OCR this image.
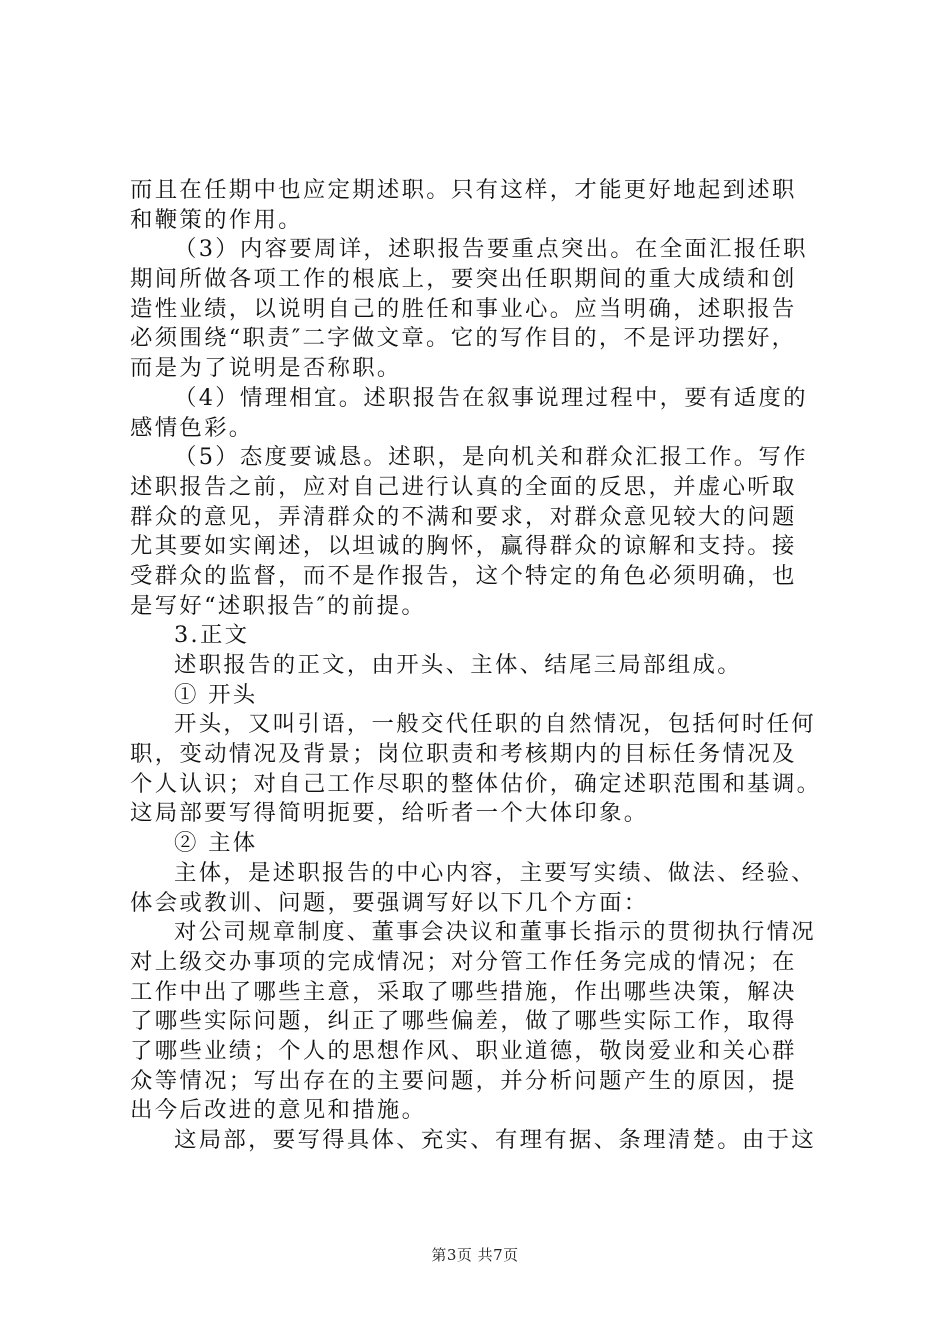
而且在任期中也应定期述职。只有这样，才能更好地起到述职

和鞭策的作用。

（3）内容要周详，述职报告要重点突出。在全面汇报任职

期间所做各项工作的根底上，要突出任职期间的重大成绩和创

造性业绩，以说明自己的胜任和事业心。应当明确，述职报告

必须围绕“职责″二字做文章。它的写作目的，不是评功摆好，

而是为了说明是否称职。

（4）情理相宜。述职报告在叙事说理过程中，要有适度的

感情色彩。

（5）态度要诚恳。述职，是向机关和群众汇报工作。写作

述职报告之前，应对自己进行认真的全面的反思，并虚心听取

群众的意见，弄清群众的不满和要求，对群众意见较大的问题

尤其要如实阐述，以坦诚的胸怀，赢得群众的谅解和支持。接

受群众的监督，而不是作报告，这个特定的角色必须明确，也

是写好“述职报告″的前提。

3.正文

述职报告的正文，由开头、主体、结尾三局部组成。

① 开头

开头，又叫引语，一般交代任职的自然情况，包括何时任何

职，变动情况及背景；岗位职责和考核期内的目标任务情况及

个人认识；对自己工作尽职的整体估价，确定述职范围和基调。

这局部要写得简明扼要，给听者一个大体印象。

② 主体

主体，是述职报告的中心内容，主要写实绩、做法、经验、

体会或教训、问题，要强调写好以下几个方面：

对公司规章制度、董事会决议和董事长指示的贯彻执行情况

对上级交办事项的完成情况；对分管工作任务完成的情况；在

工作中出了哪些主意，采取了哪些措施，作出哪些决策，解决

了哪些实际问题，纠正了哪些偏差，做了哪些实际工作，取得

了哪些业绩；个人的思想作风、职业道德，敬岗爱业和关心群

众等情况；写出存在的主要问题，并分析问题产生的原因，提

出今后改进的意见和措施。

这局部，要写得具体、充实、有理有据、条理清楚。由于这

第3页 共7页
